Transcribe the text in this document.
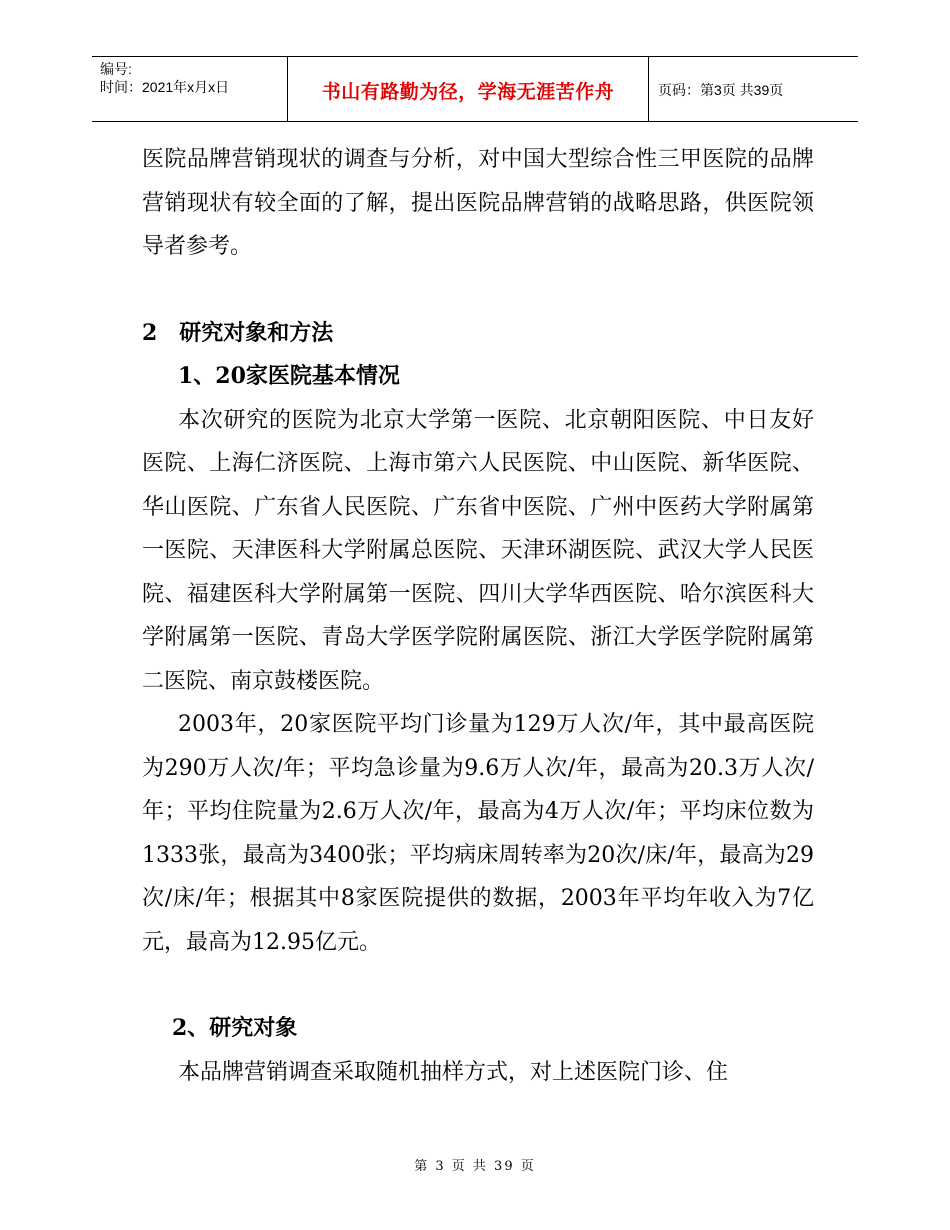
编号:
时间：2021年x月x日	书山有路勤为径，学海无涯苦作舟	页码：第3页 共39页

医院品牌营销现状的调查与分析，对中国大型综合性三甲医院的品牌营销现状有较全面的了解，提出医院品牌营销的战略思路，供医院领导者参考。

2　研究对象和方法

1、20家医院基本情况

本次研究的医院为北京大学第一医院、北京朝阳医院、中日友好医院、上海仁济医院、上海市第六人民医院、中山医院、新华医院、华山医院、广东省人民医院、广东省中医院、广州中医药大学附属第一医院、天津医科大学附属总医院、天津环湖医院、武汉大学人民医院、福建医科大学附属第一医院、四川大学华西医院、哈尔滨医科大学附属第一医院、青岛大学医学院附属医院、浙江大学医学院附属第二医院、南京鼓楼医院。

2003年，20家医院平均门诊量为129万人次/年，其中最高医院为290万人次/年；平均急诊量为9.6万人次/年，最高为20.3万人次/年；平均住院量为2.6万人次/年，最高为4万人次/年；平均床位数为1333张，最高为3400张；平均病床周转率为20次/床/年，最高为29次/床/年；根据其中8家医院提供的数据，2003年平均年收入为7亿元，最高为12.95亿元。

2、研究对象

本品牌营销调查采取随机抽样方式，对上述医院门诊、住

第 3 页 共 39 页
